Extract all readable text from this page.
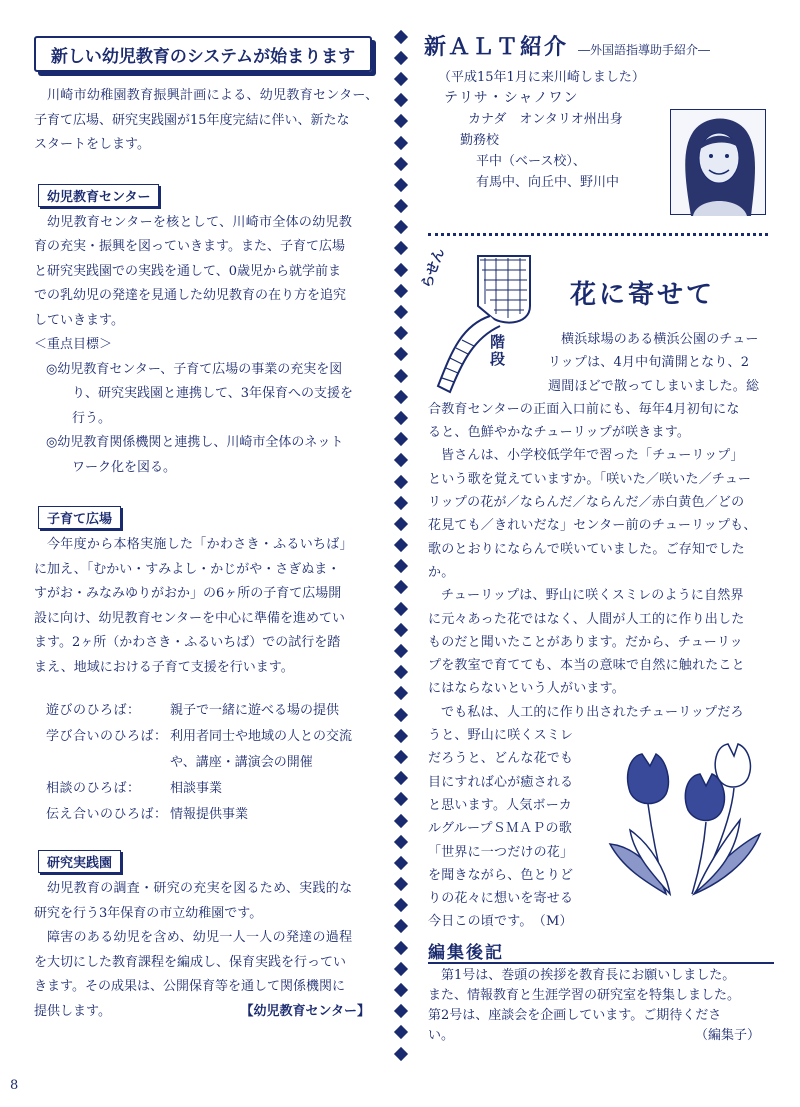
新しい幼児教育のシステムが始まります
川崎市幼稚園教育振興計画による、幼児教育センター、
子育て広場、研究実践園が15年度完結に伴い、新たな
スタートをします。
幼児教育センター
幼児教育センターを核として、川崎市全体の幼児教
育の充実・振興を図っていきます。また、子育て広場
と研究実践園での実践を通して、0歳児から就学前ま
での乳幼児の発達を見通した幼児教育の在り方を追究
していきます。
＜重点目標＞
◎幼児教育センター、子育て広場の事業の充実を図
り、研究実践園と連携して、3年保育への支援を
行う。
◎幼児教育関係機関と連携し、川崎市全体のネット
ワーク化を図る。
子育て広場
今年度から本格実施した「かわさき・ふるいちば」
に加え、「むかい・すみよし・かじがや・さぎぬま・
すがお・みなみゆりがおか」の6ヶ所の子育て広場開
設に向け、幼児教育センターを中心に準備を進めてい
ます。2ヶ所（かわさき・ふるいちば）での試行を踏
まえ、地域における子育て支援を行います。
遊びのひろば：	親子で一緒に遊べる場の提供
学び合いのひろば： 利用者同士や地域の人との交流
や、講座・講演会の開催
相談のひろば：	相談事業
伝え合いのひろば： 情報提供事業
研究実践園
幼児教育の調査・研究の充実を図るため、実践的な
研究を行う3年保育の市立幼稚園です。
障害のある幼児を含め、幼児一人一人の発達の過程
を大切にした教育課程を編成し、保育実践を行ってい
きます。その成果は、公開保育等を通して関係機関に
提供します。	【幼児教育センター】
新ＡＬＴ紹介 ―外国語指導助手紹介―
（平成15年1月に来川崎しました）
テリサ・シャノワン
カナダ　オンタリオ州出身
勤務校
平中（ベース校）、
有馬中、向丘中、野川中
らせん
階段
花に寄せて
横浜球場のある横浜公園のチュー
リップは、4月中旬満開となり、2
週間ほどで散ってしまいました。総
合教育センターの正面入口前にも、毎年4月初旬にな
ると、色鮮やかなチューリップが咲きます。
皆さんは、小学校低学年で習った「チューリップ」
という歌を覚えていますか。「咲いた／咲いた／チュー
リップの花が／ならんだ／ならんだ／赤白黄色／どの
花見ても／きれいだな」センター前のチューリップも、
歌のとおりにならんで咲いていました。ご存知でした
か。
チューリップは、野山に咲くスミレのように自然界
に元々あった花ではなく、人間が人工的に作り出した
ものだと聞いたことがあります。だから、チューリッ
プを教室で育てても、本当の意味で自然に触れたこと
にはならないという人がいます。
でも私は、人工的に作り出されたチューリップだろ
うと、野山に咲くスミレ
だろうと、どんな花でも
目にすれば心が癒される
と思います。人気ボーカ
ルグループＳＭＡＰの歌
「世界に一つだけの花」
を聞きながら、色とりど
りの花々に想いを寄せる
今日この頃です。　（M）
編集後記
第1号は、巻頭の挨拶を教育長にお願いしました。
また、情報教育と生涯学習の研究室を特集しました。
第2号は、座談会を企画しています。ご期待くださ
い。	（編集子）
8
